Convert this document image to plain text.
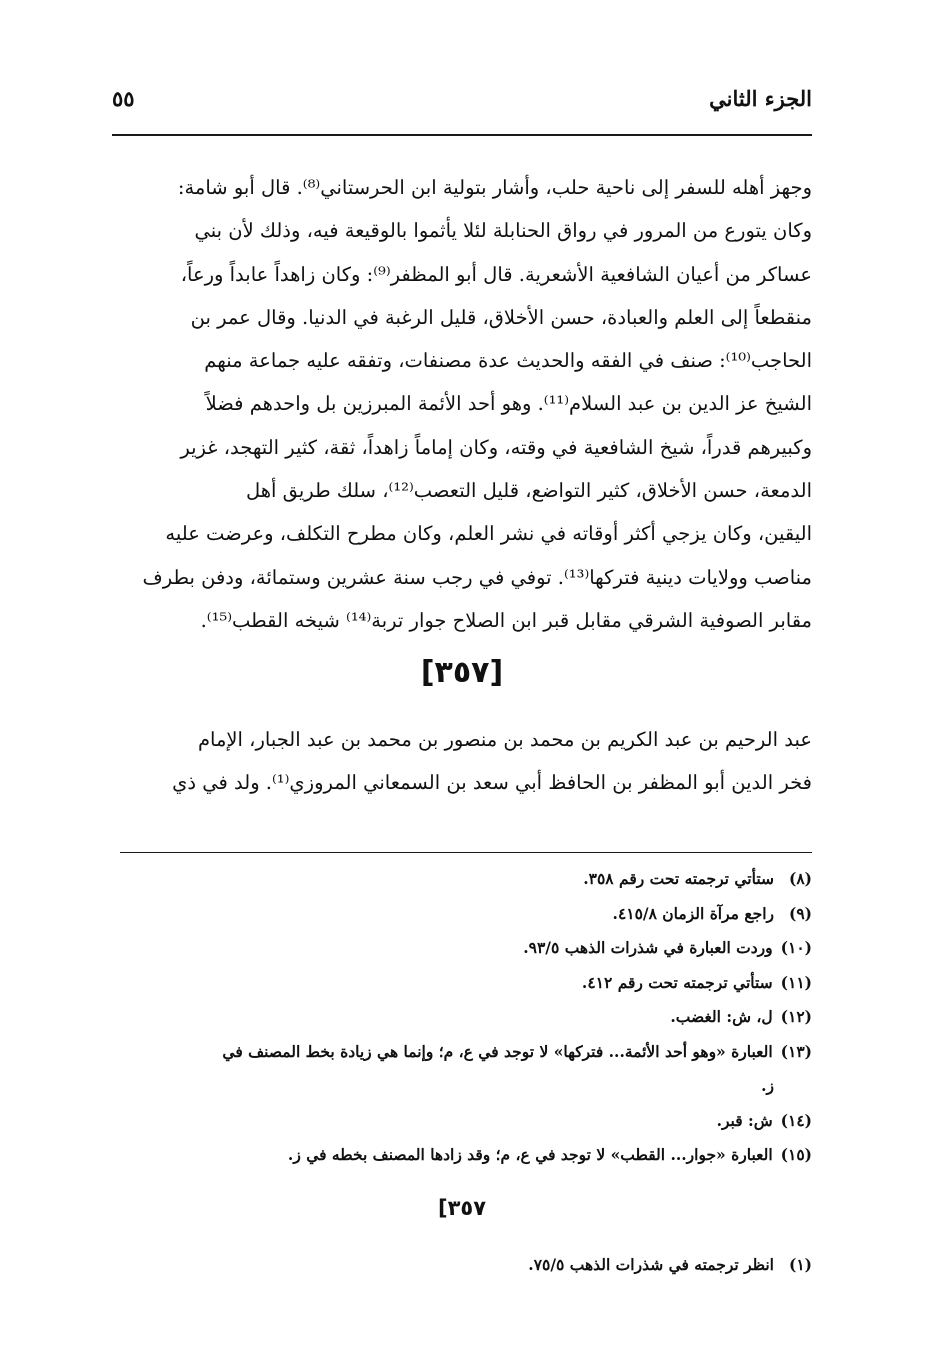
الجزء الثاني
٥٥
وجهز أهله للسفر إلى ناحية حلب، وأشار بتولية ابن الحرستاني⁽⁸⁾. قال أبو شامة:
وكان يتورع من المرور في رواق الحنابلة لئلا يأثموا بالوقيعة فيه، وذلك لأن بني
عساكر من أعيان الشافعية الأشعرية. قال أبو المظفر⁽⁹⁾: وكان زاهداً عابداً ورعاً،
منقطعاً إلى العلم والعبادة، حسن الأخلاق، قليل الرغبة في الدنيا. وقال عمر بن
الحاجب⁽¹⁰⁾: صنف في الفقه والحديث عدة مصنفات، وتفقه عليه جماعة منهم
الشيخ عز الدين بن عبد السلام⁽¹¹⁾. وهو أحد الأئمة المبرزين بل واحدهم فضلاً
وكبيرهم قدراً، شيخ الشافعية في وقته، وكان إماماً زاهداً، ثقة، كثير التهجد، غزير
الدمعة، حسن الأخلاق، كثير التواضع، قليل التعصب⁽¹²⁾، سلك طريق أهل
اليقين، وكان يزجي أكثر أوقاته في نشر العلم، وكان مطرح التكلف، وعرضت عليه
مناصب وولايات دينية فتركها⁽¹³⁾. توفي في رجب سنة عشرين وستمائة، ودفن بطرف
مقابر الصوفية الشرقي مقابل قبر ابن الصلاح جوار تربة⁽¹⁴⁾ شيخه القطب⁽¹⁵⁾.
[٣٥٧]
عبد الرحيم بن عبد الكريم بن محمد بن منصور بن محمد بن عبد الجبار، الإمام
فخر الدين أبو المظفر بن الحافظ أبي سعد بن السمعاني المروزي⁽¹⁾. ولد في ذي
(٨)ستأتي ترجمته تحت رقم ٣٥٨.
(٩)راجع مرآة الزمان ٤١٥/٨.
(١٠)وردت العبارة في شذرات الذهب ٩٣/٥.
(١١)ستأتي ترجمته تحت رقم ٤١٢.
(١٢)ل، ش: الغضب.
(١٣)العبارة «وهو أحد الأئمة... فتركها» لا توجد في ع، م؛ وإنما هي زيادة بخط المصنف في
ز.
(١٤)ش: قبر.
(١٥)العبارة «جوار... القطب» لا توجد في ع، م؛ وقد زادها المصنف بخطه في ز.
٣٥٧]
(١)انظر ترجمته في شذرات الذهب ٧٥/٥.
